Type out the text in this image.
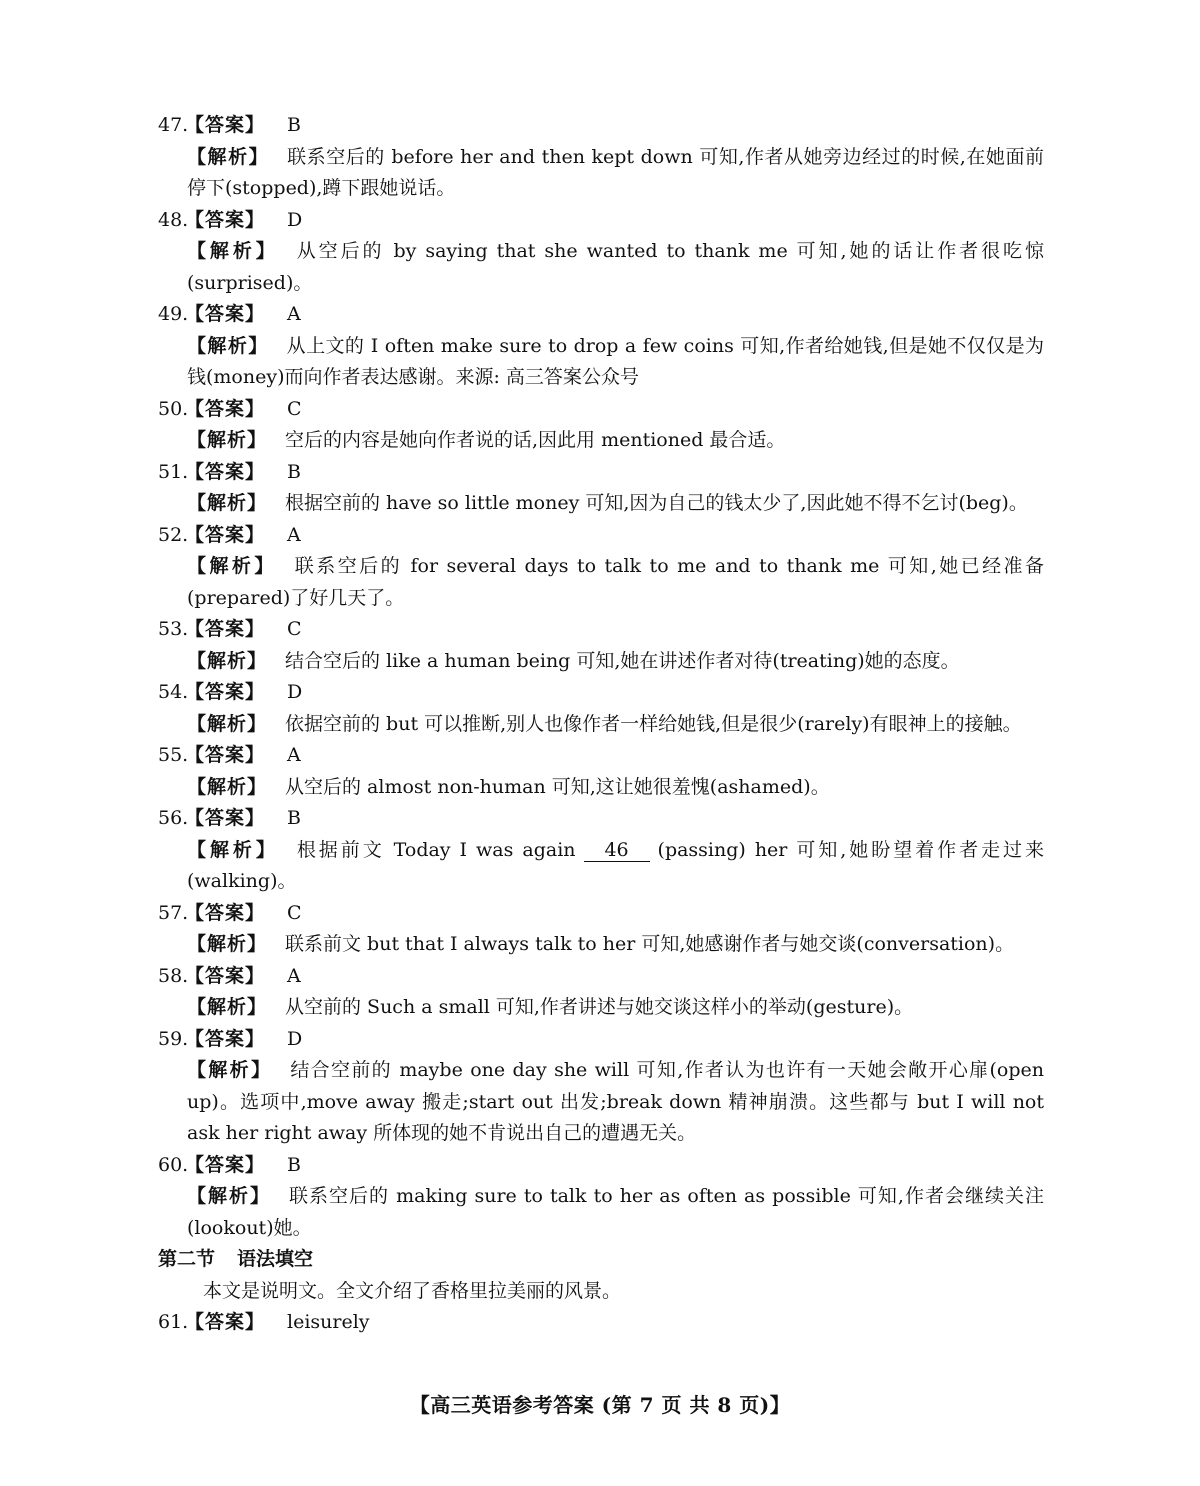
47.【答案】 B
【解析】 联系空后的 before her and then kept down 可知,作者从她旁边经过的时候,在她面前停下(stopped),蹲下跟她说话。
48.【答案】 D
【解析】 从空后的 by saying that she wanted to thank me 可知,她的话让作者很吃惊(surprised)。
49.【答案】 A
【解析】 从上文的 I often make sure to drop a few coins 可知,作者给她钱,但是她不仅仅是为钱(money)而向作者表达感谢。来源: 高三答案公众号
50.【答案】 C
【解析】 空后的内容是她向作者说的话,因此用 mentioned 最合适。
51.【答案】 B
【解析】 根据空前的 have so little money 可知,因为自己的钱太少了,因此她不得不乞讨(beg)。
52.【答案】 A
【解析】 联系空后的 for several days to talk to me and to thank me 可知,她已经准备(prepared)了好几天了。
53.【答案】 C
【解析】 结合空后的 like a human being 可知,她在讲述作者对待(treating)她的态度。
54.【答案】 D
【解析】 依据空前的 but 可以推断,别人也像作者一样给她钱,但是很少(rarely)有眼神上的接触。
55.【答案】 A
【解析】 从空后的 almost non-human 可知,这让她很羞愧(ashamed)。
56.【答案】 B
【解析】 根据前文 Today I was again 46 (passing) her 可知,她盼望着作者走过来(walking)。
57.【答案】 C
【解析】 联系前文 but that I always talk to her 可知,她感谢作者与她交谈(conversation)。
58.【答案】 A
【解析】 从空前的 Such a small 可知,作者讲述与她交谈这样小的举动(gesture)。
59.【答案】 D
【解析】 结合空前的 maybe one day she will 可知,作者认为也许有一天她会敞开心扉(open up)。选项中,move away 搬走;start out 出发;break down 精神崩溃。这些都与 but I will not ask her right away 所体现的她不肯说出自己的遭遇无关。
60.【答案】 B
【解析】 联系空后的 making sure to talk to her as often as possible 可知,作者会继续关注(lookout)她。
第二节 语法填空
本文是说明文。全文介绍了香格里拉美丽的风景。
61.【答案】 leisurely
【高三英语参考答案 (第 7 页 共 8 页)】
